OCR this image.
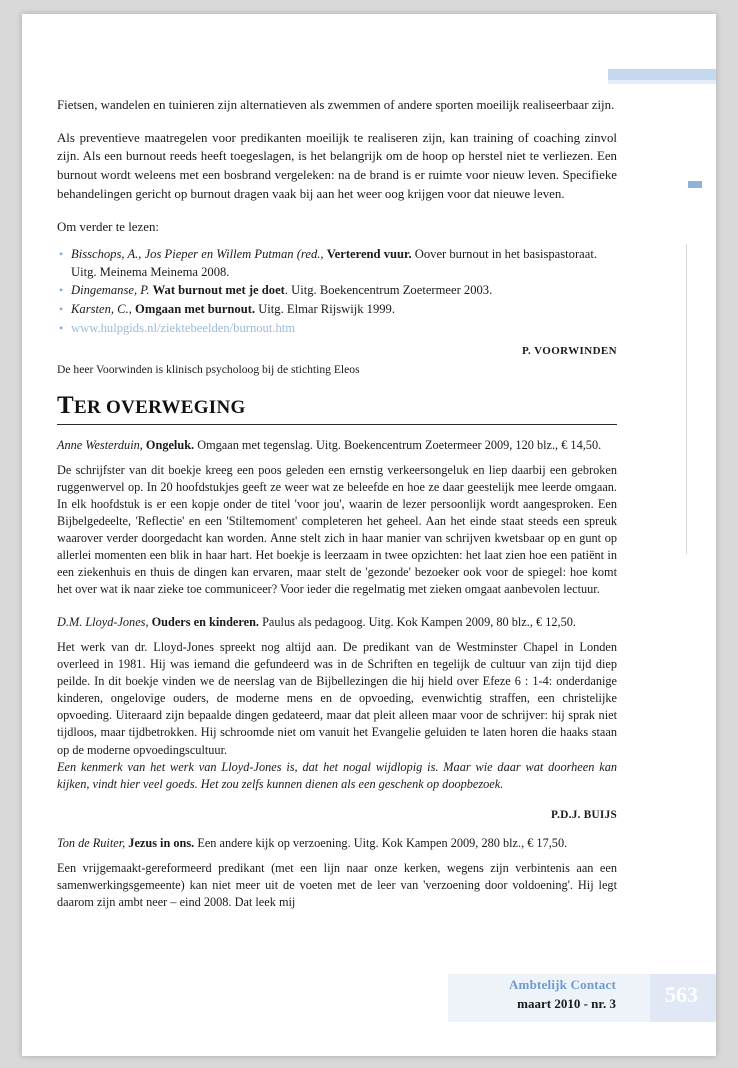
Fietsen, wandelen en tuinieren zijn alternatieven als zwemmen of andere sporten moeilijk realiseerbaar zijn.

Als preventieve maatregelen voor predikanten moeilijk te realiseren zijn, kan training of coaching zinvol zijn. Als een burnout reeds heeft toegeslagen, is het belangrijk om de hoop op herstel niet te verliezen. Een burnout wordt weleens met een bosbrand vergeleken: na de brand is er ruimte voor nieuw leven. Specifieke behandelingen gericht op burnout dragen vaak bij aan het weer oog krijgen voor dat nieuwe leven.

Om verder te lezen:

• Bisschops, A., Jos Pieper en Willem Putman (red., Verterend vuur. Oover burnout in het basispastoraat. Uitg. Meinema Meinema 2008.
• Dingemanse, P. Wat burnout met je doet. Uitg. Boekencentrum Zoetermeer 2003.
• Karsten, C., Omgaan met burnout. Uitg. Elmar Rijswijk 1999.
• www.hulpgids.nl/ziektebeelden/burnout.htm
P. VOORWINDEN
De heer Voorwinden is klinisch psycholoog bij de stichting Eleos
TER OVERWEGING
Anne Westerduin, Ongeluk. Omgaan met tegenslag. Uitg. Boekencentrum Zoetermeer 2009, 120 blz., € 14,50.
De schrijfster van dit boekje kreeg een poos geleden een ernstig verkeersongeluk en liep daarbij een gebroken ruggenwervel op. In 20 hoofdstukjes geeft ze weer wat ze beleefde en hoe ze daar geestelijk mee leerde omgaan. In elk hoofdstuk is er een kopje onder de titel 'voor jou', waarin de lezer persoonlijk wordt aangesproken. Een Bijbelgedeelte, 'Reflectie' en een 'Stiltemoment' completeren het geheel. Aan het einde staat steeds een spreuk waarover verder doorgedacht kan worden. Anne stelt zich in haar manier van schrijven kwetsbaar op en gunt op allerlei momenten een blik in haar hart. Het boekje is leerzaam in twee opzichten: het laat zien hoe een patiënt in een ziekenhuis en thuis de dingen kan ervaren, maar stelt de 'gezonde' bezoeker ook voor de spiegel: hoe komt het over wat ik naar zieke toe communiceer? Voor ieder die regelmatig met zieken omgaat aanbevolen lectuur.
D.M. Lloyd-Jones, Ouders en kinderen. Paulus als pedagoog. Uitg. Kok Kampen 2009, 80 blz., € 12,50.
Het werk van dr. Lloyd-Jones spreekt nog altijd aan. De predikant van de Westminster Chapel in Londen overleed in 1981. Hij was iemand die gefundeerd was in de Schriften en tegelijk de cultuur van zijn tijd diep peilde. In dit boekje vinden we de neerslag van de Bijbellezingen die hij hield over Efeze 6 : 1-4: onderdanige kinderen, ongelovige ouders, de moderne mens en de opvoeding, evenwichtig straffen, een christelijke opvoeding. Uiteraard zijn bepaalde dingen gedateerd, maar dat pleit alleen maar voor de schrijver: hij sprak niet tijdloos, maar tijdbetrokken. Hij schroomde niet om vanuit het Evangelie geluiden te laten horen die haaks staan op de moderne opvoedingscultuur.
Een kenmerk van het werk van Lloyd-Jones is, dat het nogal wijdlopig is. Maar wie daar wat doorheen kan kijken, vindt hier veel goeds. Het zou zelfs kunnen dienen als een geschenk op doopbezoek.
P.D.J. BUIJS
Ton de Ruiter, Jezus in ons. Een andere kijk op verzoening. Uitg. Kok Kampen 2009, 280 blz., € 17,50.
Een vrijgemaakt-gereformeerd predikant (met een lijn naar onze kerken, wegens zijn verbintenis aan een samenwerkingsgemeente) kan niet meer uit de voeten met de leer van 'verzoening door voldoening'. Hij legt daarom zijn ambt neer – eind 2008. Dat leek mij
Ambtelijk Contact
maart 2010 - nr. 3 563
